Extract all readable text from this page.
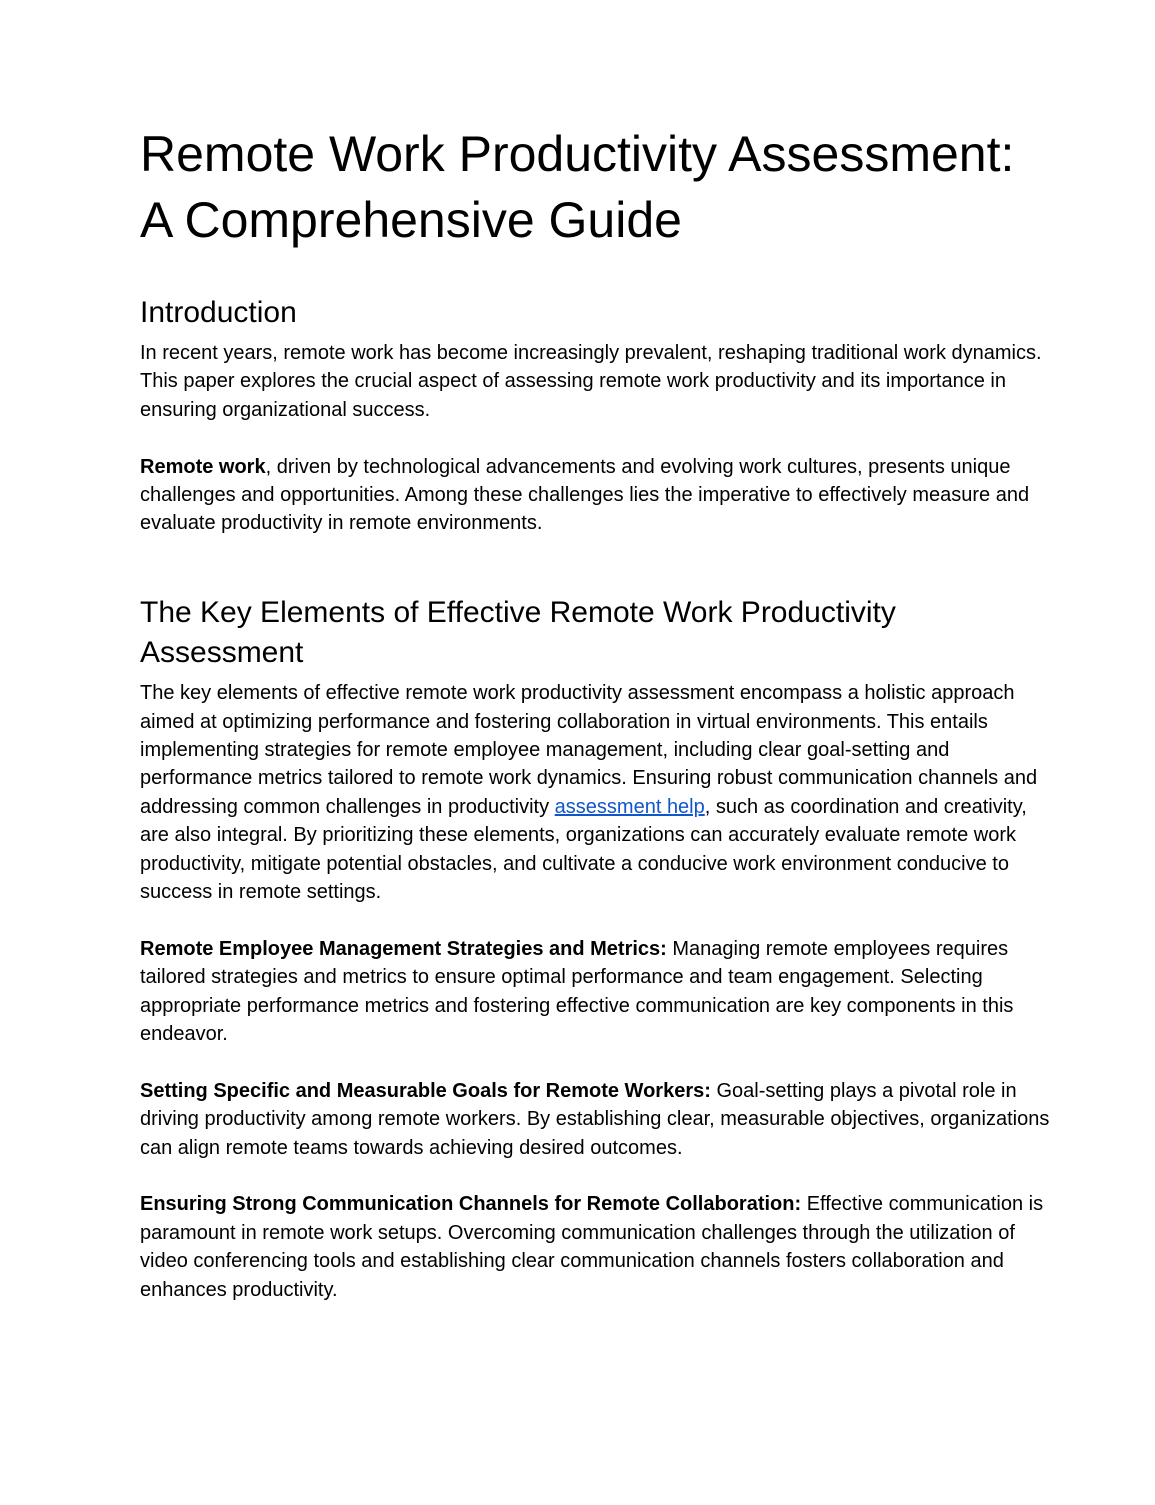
Remote Work Productivity Assessment: A Comprehensive Guide
Introduction

In recent years, remote work has become increasingly prevalent, reshaping traditional work dynamics. This paper explores the crucial aspect of assessing remote work productivity and its importance in ensuring organizational success.

Remote work, driven by technological advancements and evolving work cultures, presents unique challenges and opportunities. Among these challenges lies the imperative to effectively measure and evaluate productivity in remote environments.

The Key Elements of Effective Remote Work Productivity Assessment

The key elements of effective remote work productivity assessment encompass a holistic approach aimed at optimizing performance and fostering collaboration in virtual environments. This entails implementing strategies for remote employee management, including clear goal-setting and performance metrics tailored to remote work dynamics. Ensuring robust communication channels and addressing common challenges in productivity assessment help, such as coordination and creativity, are also integral. By prioritizing these elements, organizations can accurately evaluate remote work productivity, mitigate potential obstacles, and cultivate a conducive work environment conducive to success in remote settings.

Remote Employee Management Strategies and Metrics: Managing remote employees requires tailored strategies and metrics to ensure optimal performance and team engagement. Selecting appropriate performance metrics and fostering effective communication are key components in this endeavor.

Setting Specific and Measurable Goals for Remote Workers: Goal-setting plays a pivotal role in driving productivity among remote workers. By establishing clear, measurable objectives, organizations can align remote teams towards achieving desired outcomes.

Ensuring Strong Communication Channels for Remote Collaboration: Effective communication is paramount in remote work setups. Overcoming communication challenges through the utilization of video conferencing tools and establishing clear communication channels fosters collaboration and enhances productivity.
